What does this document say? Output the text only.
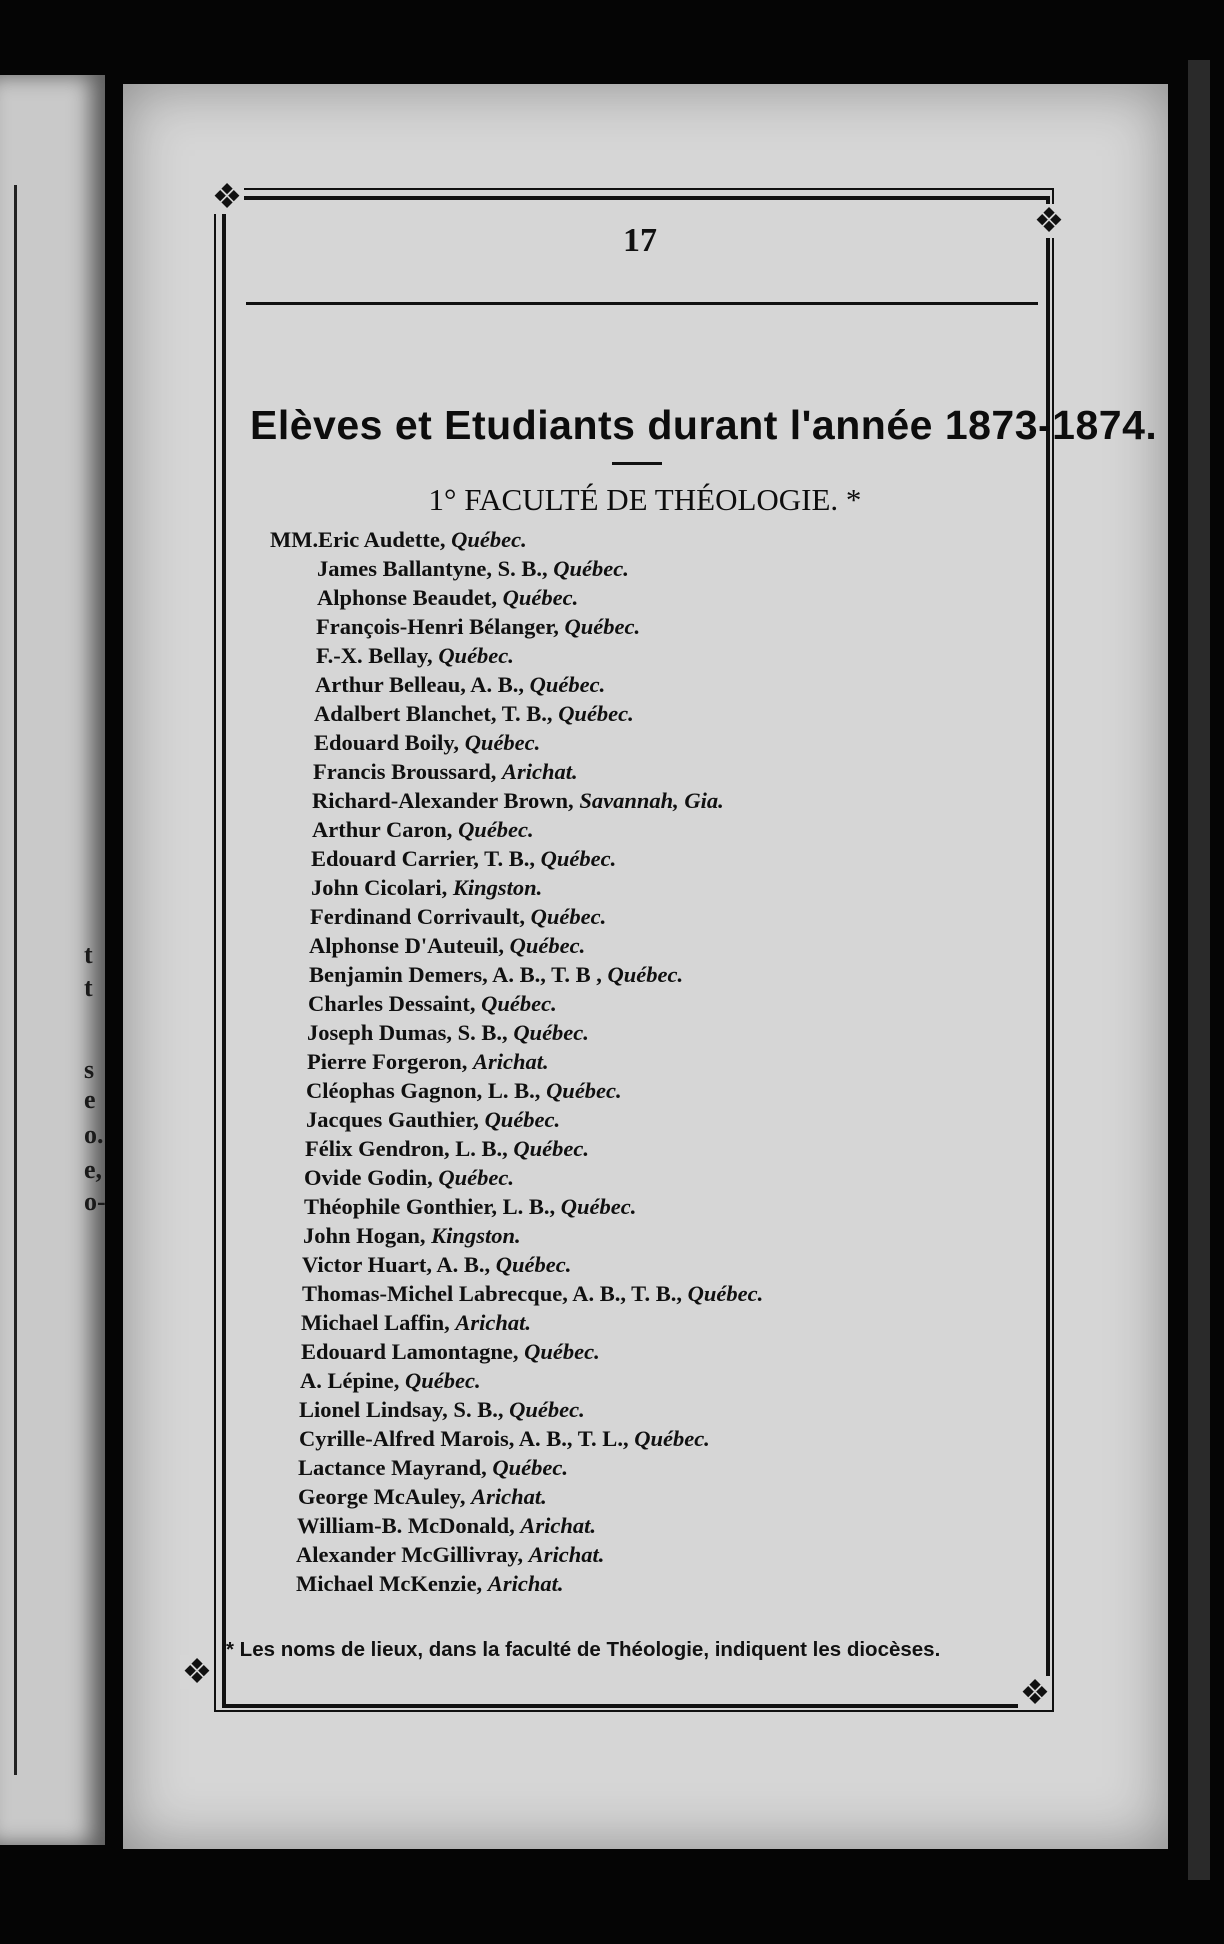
t
t
s
e
o.
e,
o-
❖
❖
❖
❖
17
Elèves et Etudiants durant l'année 1873-1874.
1° FACULTÉ DE THÉOLOGIE. *
MM.Eric Audette, Québec.
James Ballantyne, S. B., Québec.
Alphonse Beaudet, Québec.
François-Henri Bélanger, Québec.
F.-X. Bellay, Québec.
Arthur Belleau, A. B., Québec.
Adalbert Blanchet, T. B., Québec.
Edouard Boily, Québec.
Francis Broussard, Arichat.
Richard-Alexander Brown, Savannah, Gia.
Arthur Caron, Québec.
Edouard Carrier, T. B., Québec.
John Cicolari, Kingston.
Ferdinand Corrivault, Québec.
Alphonse D'Auteuil, Québec.
Benjamin Demers, A. B., T. B , Québec.
Charles Dessaint, Québec.
Joseph Dumas, S. B., Québec.
Pierre Forgeron, Arichat.
Cléophas Gagnon, L. B., Québec.
Jacques Gauthier, Québec.
Félix Gendron, L. B., Québec.
Ovide Godin, Québec.
Théophile Gonthier, L. B., Québec.
John Hogan, Kingston.
Victor Huart, A. B., Québec.
Thomas-Michel Labrecque, A. B., T. B., Québec.
Michael Laffin, Arichat.
Edouard Lamontagne, Québec.
A. Lépine, Québec.
Lionel Lindsay, S. B., Québec.
Cyrille-Alfred Marois, A. B., T. L., Québec.
Lactance Mayrand, Québec.
George McAuley, Arichat.
William-B. McDonald, Arichat.
Alexander McGillivray, Arichat.
Michael McKenzie, Arichat.
* Les noms de lieux, dans la faculté de Théologie, indiquent les diocèses.
